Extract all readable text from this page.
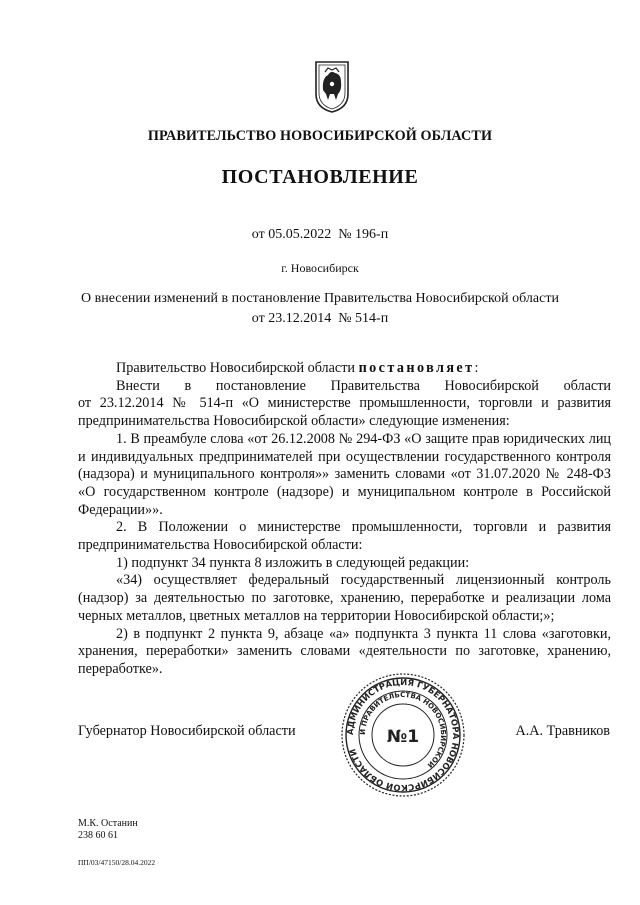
ПРАВИТЕЛЬСТВО НОВОСИБИРСКОЙ ОБЛАСТИ
ПОСТАНОВЛЕНИЕ
от 05.05.2022  № 196-п
г. Новосибирск
О внесении изменений в постановление Правительства Новосибирской области
от 23.12.2014  № 514-п

Правительство Новосибирской области постановляет:

Внести в постановление Правительства Новосибирской области

от 23.12.2014 № 514-п «О министерстве промышленности, торговли и развития предпринимательства Новосибирской области» следующие изменения:

1. В преамбуле слова «от 26.12.2008 № 294-ФЗ «О защите прав юридических лиц и индивидуальных предпринимателей при осуществлении государственного контроля (надзора) и муниципального контроля»» заменить словами «от 31.07.2020 № 248-ФЗ «О государственном контроле (надзоре) и муниципальном контроле в Российской Федерации»».

2. В Положении о министерстве промышленности, торговли и развития предпринимательства Новосибирской области:

1) подпункт 34 пункта 8 изложить в следующей редакции:

«34) осуществляет федеральный государственный лицензионный контроль (надзор) за деятельностью по заготовке, хранению, переработке и реализации лома черных металлов, цветных металлов на территории Новосибирской области;»;

2) в подпункт 2 пункта 9, абзаце «а» подпункта 3 пункта 11 слова «заготовки, хранения, переработки» заменить словами «деятельности по заготовке, хранению, переработке».

АДМИНИСТРАЦИЯ ГУБЕРНАТОРА НОВОСИБИРСКОЙ ОБЛАСТИ
И ПРАВИТЕЛЬСТВА НОВОСИБИРСКОЙ
№1
Губернатор Новосибирской области	А.А. Травников
М.К. Останин
238 60 61
ПП/03/47150/28.04.2022
